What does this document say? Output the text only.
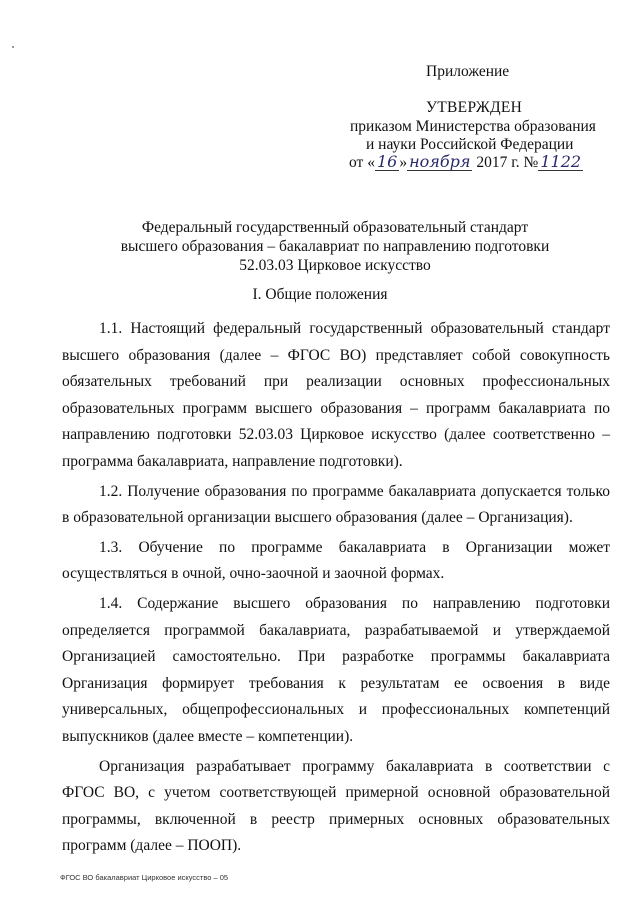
Приложение
УТВЕРЖДЕН
приказом Министерства образования
и науки Российской Федерации
от « 16 » ноября 2017 г. № 1122
Федеральный государственный образовательный стандарт
высшего образования – бакалавриат по направлению подготовки
52.03.03 Цирковое искусство
I. Общие положения

1.1. Настоящий федеральный государственный образовательный стандарт высшего образования (далее – ФГОС ВО) представляет собой совокупность обязательных требований при реализации основных профессиональных образовательных программ высшего образования – программ бакалавриата по направлению подготовки 52.03.03 Цирковое искусство (далее соответственно – программа бакалавриата, направление подготовки).

1.2. Получение образования по программе бакалавриата допускается только в образовательной организации высшего образования (далее – Организация).

1.3. Обучение по программе бакалавриата в Организации может осуществляться в очной, очно-заочной и заочной формах.

1.4. Содержание высшего образования по направлению подготовки определяется программой бакалавриата, разрабатываемой и утверждаемой Организацией самостоятельно. При разработке программы бакалавриата Организация формирует требования к результатам ее освоения в виде универсальных, общепрофессиональных и профессиональных компетенций выпускников (далее вместе – компетенции).

Организация разрабатывает программу бакалавриата в соответствии с ФГОС ВО, с учетом соответствующей примерной основной образовательной программы, включенной в реестр примерных основных образовательных программ (далее – ПООП).

ФГОС ВО бакалавриат Цирковое искусство – 05
